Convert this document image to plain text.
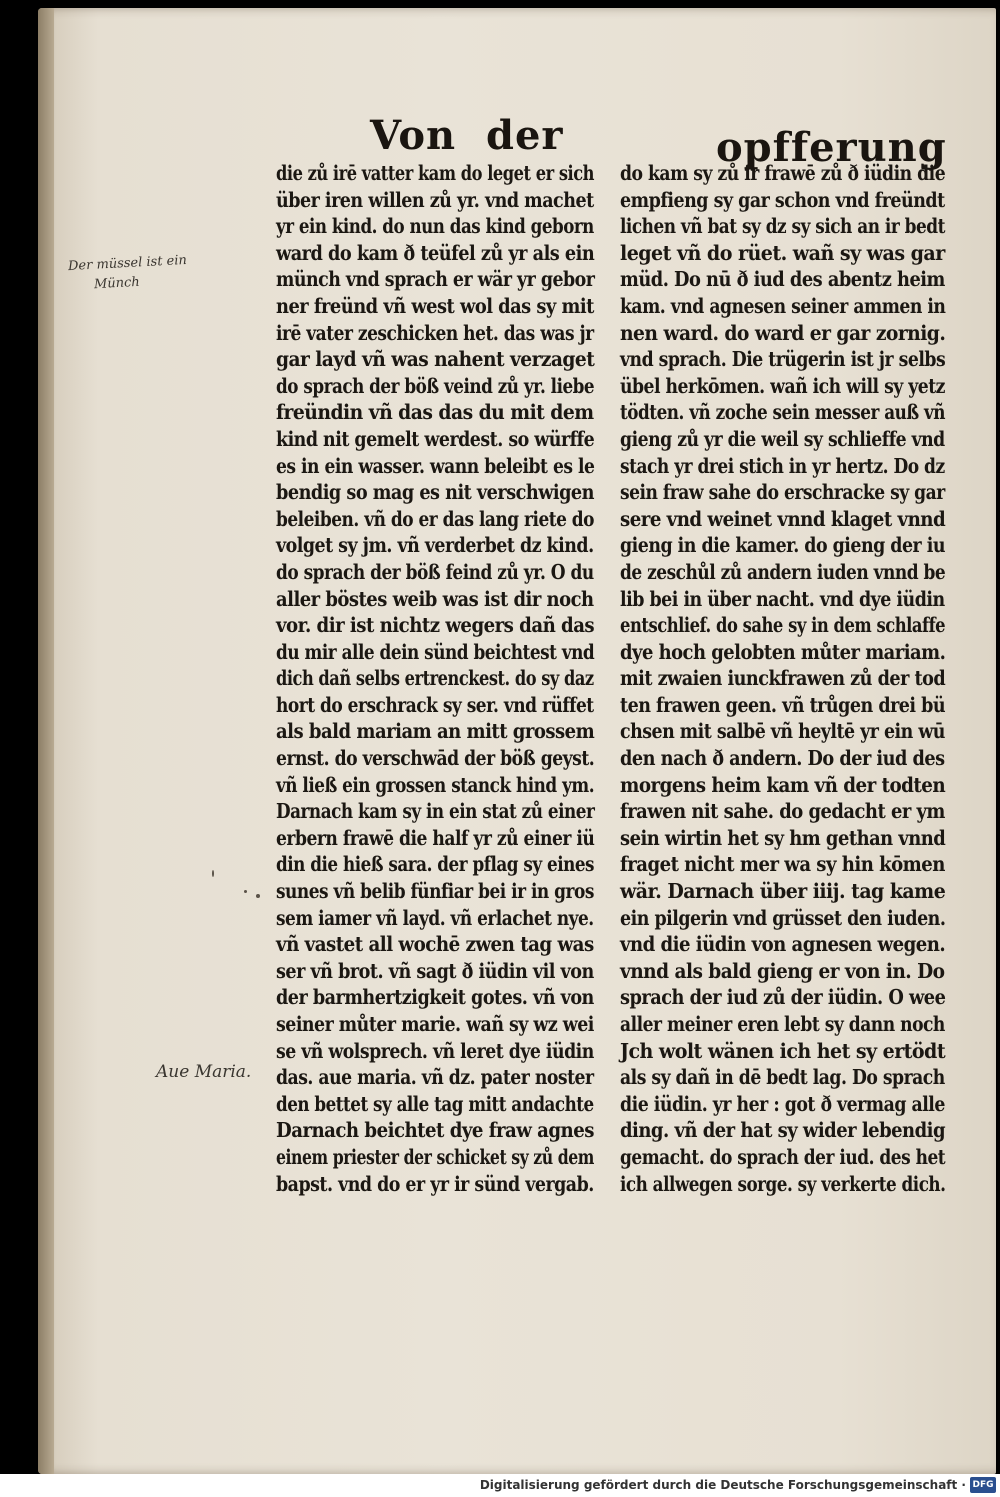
Von der	opfferung
die zů irē vatter kam do leget er sich
über iren willen zů yr. vnd machet
yr ein kind. do nun das kind geborn
ward do kam ð teüfel zů yr als ein
münch vnd sprach er wär yr gebor
ner freünd vñ west wol das sy mit
irē vater zeschicken het. das was jr
gar layd vñ was nahent verzaget
do sprach der böß veind zů yr. liebe
freündin vñ das das du mit dem
kind nit gemelt werdest. so würffe
es in ein wasser. wann beleibt es le
bendig so mag es nit verschwigen
beleiben. vñ do er das lang riete do
volget sy jm. vñ verderbet dz kind.
do sprach der böß feind zů yr. O du
aller böstes weib was ist dir noch
vor. dir ist nichtz wegers dañ das
du mir alle dein sünd beichtest vnd
dich dañ selbs ertrenckest. do sy daz
hort do erschrack sy ser. vnd rüffet
als bald mariam an mitt grossem
ernst. do verschwād der böß geyst.
vñ ließ ein grossen stanck hind ym.
Darnach kam sy in ein stat zů einer
erbern frawē die half yr zů einer iü
din die hieß sara. der pflag sy eines
sunes vñ belib fünfiar bei ir in gros
sem iamer vñ layd. vñ erlachet nye.
vñ vastet all wochē zwen tag was
ser vñ brot. vñ sagt ð iüdin vil von
der barmhertzigkeit gotes. vñ von
seiner můter marie. wañ sy wz wei
se vñ wolsprech. vñ leret dye iüdin
das. aue maria. vñ dz. pater noster
den bettet sy alle tag mitt andachte
Darnach beichtet dye fraw agnes
einem priester der schicket sy zů dem
bapst. vnd do er yr ir sünd vergab.
do kam sy zů ir frawē zů ð iüdin die
empfieng sy gar schon vnd freündt
lichen vñ bat sy dz sy sich an ir bedt
leget vñ do rüet. wañ sy was gar
müd. Do nū ð iud des abentz heim
kam. vnd agnesen seiner ammen in
nen ward. do ward er gar zornig.
vnd sprach. Die trügerin ist jr selbs
übel herkōmen. wañ ich will sy yetz
tödten. vñ zoche sein messer auß vñ
gieng zů yr die weil sy schlieffe vnd
stach yr drei stich in yr hertz. Do dz
sein fraw sahe do erschracke sy gar
sere vnd weinet vnnd klaget vnnd
gieng in die kamer. do gieng der iu
de zeschůl zů andern iuden vnnd be
lib bei in über nacht. vnd dye iüdin
entschlief. do sahe sy in dem schlaffe
dye hoch gelobten můter mariam.
mit zwaien iunckfrawen zů der tod
ten frawen geen. vñ trůgen drei bü
chsen mit salbē vñ heyltē yr ein wū
den nach ð andern. Do der iud des
morgens heim kam vñ der todten
frawen nit sahe. do gedacht er ym
sein wirtin het sy hm gethan vnnd
fraget nicht mer wa sy hin kōmen
wär. Darnach über iiij. tag kame
ein pilgerin vnd grüsset den iuden.
vnd die iüdin von agnesen wegen.
vnnd als bald gieng er von in. Do
sprach der iud zů der iüdin. O wee
aller meiner eren lebt sy dann noch
Jch wolt wänen ich het sy ertödt
als sy dañ in dē bedt lag. Do sprach
die iüdin. yr her : got ð vermag alle
ding. vñ der hat sy wider lebendig
gemacht. do sprach der iud. des het
ich allwegen sorge. sy verkerte dich.
Der müssel ist ein
Münch
Aue Maria.
Digitalisierung gefördert durch die Deutsche Forschungsgemeinschaft · DFG
